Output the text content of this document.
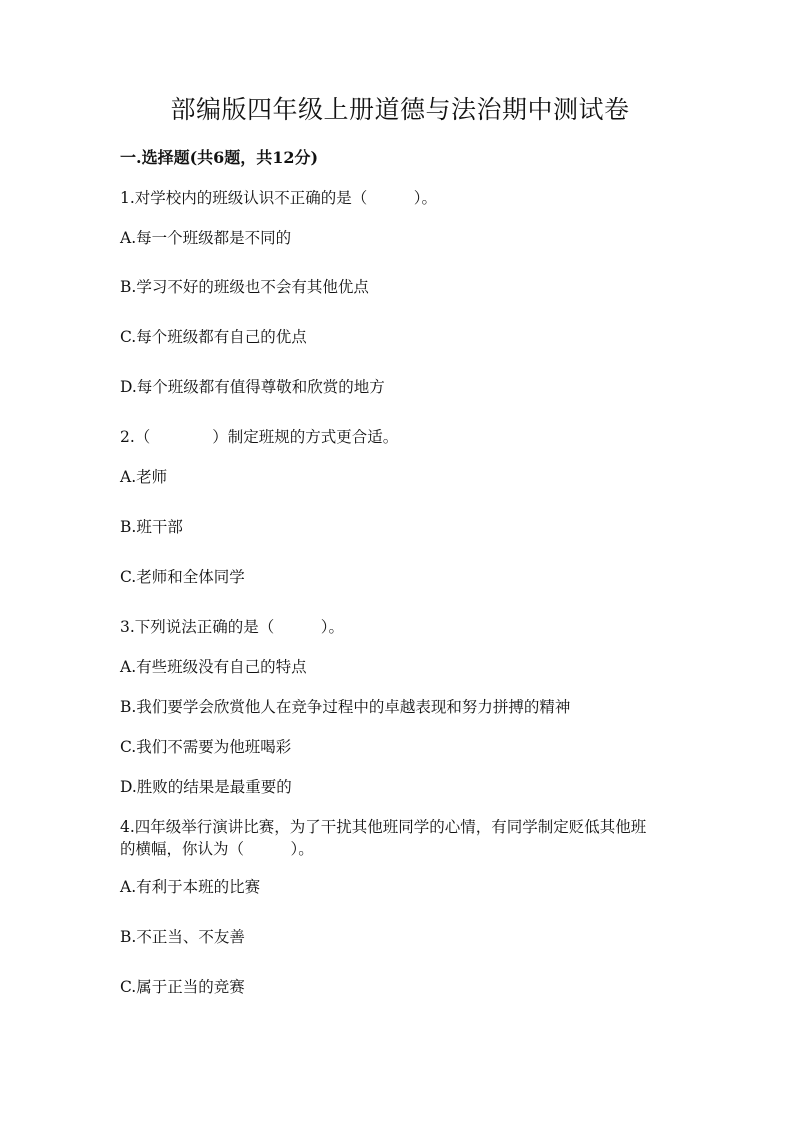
部编版四年级上册道德与法治期中测试卷
一.选择题(共6题，共12分)
1.对学校内的班级认识不正确的是（　　　）。
A.每一个班级都是不同的
B.学习不好的班级也不会有其他优点
C.每个班级都有自己的优点
D.每个班级都有值得尊敬和欣赏的地方
2.（　　　　）制定班规的方式更合适。
A.老师
B.班干部
C.老师和全体同学
3.下列说法正确的是（　　　）。
A.有些班级没有自己的特点
B.我们要学会欣赏他人在竞争过程中的卓越表现和努力拼搏的精神
C.我们不需要为他班喝彩
D.胜败的结果是最重要的
4.四年级举行演讲比赛，为了干扰其他班同学的心情，有同学制定贬低其他班
的横幅，你认为（　　　）。
A.有利于本班的比赛
B.不正当、不友善
C.属于正当的竞赛
